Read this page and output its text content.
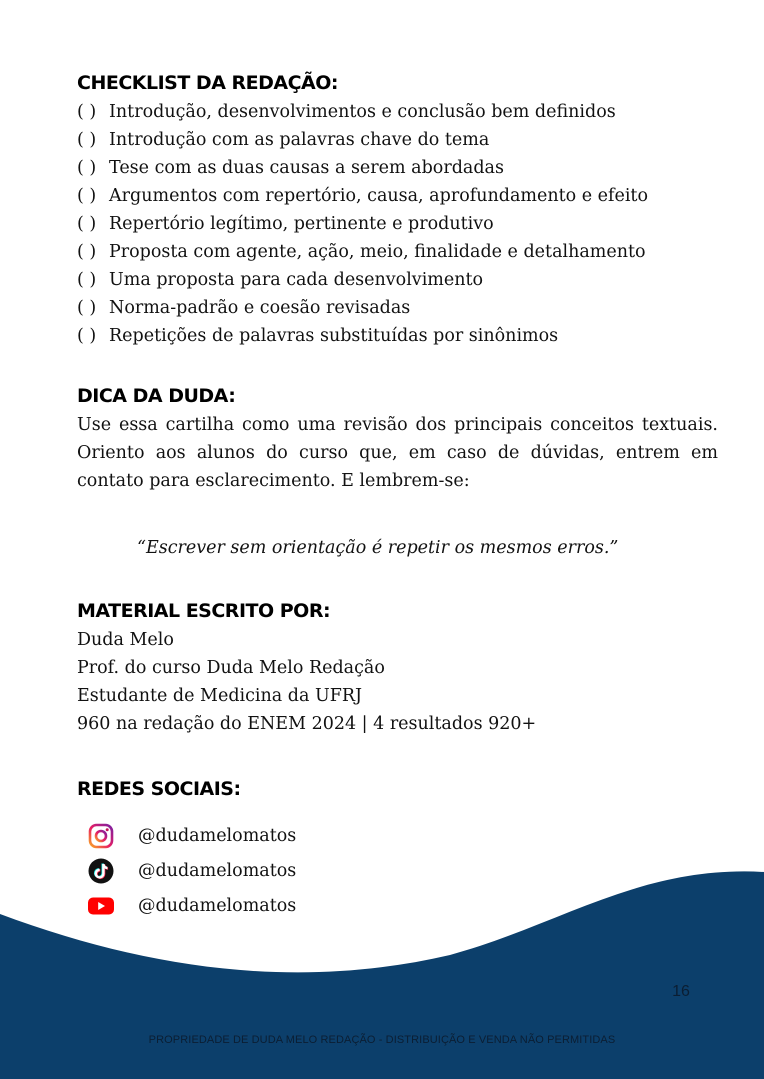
CHECKLIST DA REDAÇÃO:
( ) Introdução, desenvolvimentos e conclusão bem definidos
( ) Introdução com as palavras chave do tema
( ) Tese com as duas causas a serem abordadas
( ) Argumentos com repertório, causa, aprofundamento e efeito
( ) Repertório legítimo, pertinente e produtivo
( ) Proposta com agente, ação, meio, finalidade e detalhamento
( ) Uma proposta para cada desenvolvimento
( ) Norma-padrão e coesão revisadas
( ) Repetições de palavras substituídas por sinônimos
DICA DA DUDA:

Use essa cartilha como uma revisão dos principais conceitos textuais. Oriento aos alunos do curso que, em caso de dúvidas, entrem em contato para esclarecimento. E lembrem-se:

“Escrever sem orientação é repetir os mesmos erros.”

MATERIAL ESCRITO POR:
Duda Melo
Prof. do curso Duda Melo Redação
Estudante de Medicina da UFRJ
960 na redação do ENEM 2024 | 4 resultados 920+
REDES SOCIAIS:
@dudamelomatos
@dudamelomatos
@dudamelomatos
16
PROPRIEDADE DE DUDA MELO REDAÇÃO - DISTRIBUIÇÃO E VENDA NÃO PERMITIDAS
